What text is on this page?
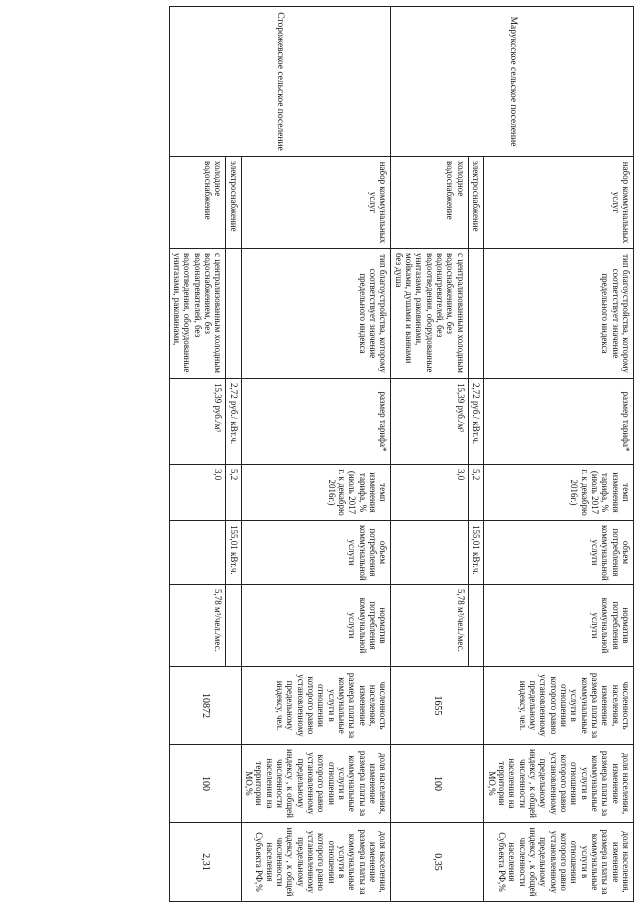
Маруксское сельское поселение	набор коммунальных услуг	тип благоустройства, которому соответствует значение предельного индекса	размер тарифа*	темп изменения тарифа, % (июль 2017 г. к декабрю 2016г.)	объем потребления коммунальной услуги	норматив потребления коммунальной услуги	численность населения, изменение размера платы за коммунальные услуги в отношении которого равно установленному предельному индексу, чел.	доля населения, изменение размера платы за коммунальные услуги в отношении которого равно установленному предельному индексу , к общей численности населения на территории МО,%	доля населения, изменение размера платы за коммунальные услуги в отношении которого равно установленному предельному индексу , к общей численности населения Субъекта РФ,%
	электроснабжение		2,72 руб./ кВт.ч.	5,2	155,01 кВт.ч.		1655	100	0,35
	холодное водоснабжение	с централизованным холодным водоснабжением, без водонагревателей, без водоотведения, оборудованные унитазами, раковинами, мойками, душами и ваннами без душа	15,39 руб./м³	3,0		5,78 м³/чел./мес.			
Сторожевское сельское поселение	набор коммунальных услуг	тип благоустройства, которому соответствует значение предельного индекса	размер тарифа*	темп изменения тарифа, % (июль 2017 г. к декабрю 2016г.)	объем потребления коммунальной услуги	норматив потребления коммунальной услуги	численность населения, изменение размера платы за коммунальные услуги в отношении которого равно установленному предельному индексу, чел.	доля населения, изменение размера платы за коммунальные услуги в отношении которого равно установленному предельному индексу , к общей численности населения на территории МО,%	доля населения, изменение размера платы за коммунальные услуги в отношении которого равно установленному предельному индексу , к общей численности населения Субъекта РФ,%
	электроснабжение		2,72 руб./ кВт.ч.	5,2	155,01 кВт.ч.		10872	100	2,31
	холодное водоснабжение	с централизованным холодным водоснабжением, без водонагревателей, без водоотведения, оборудованные унитазами, раковинами,	15,39 руб./м³	3,0		5,78 м³/чел./мес.			
